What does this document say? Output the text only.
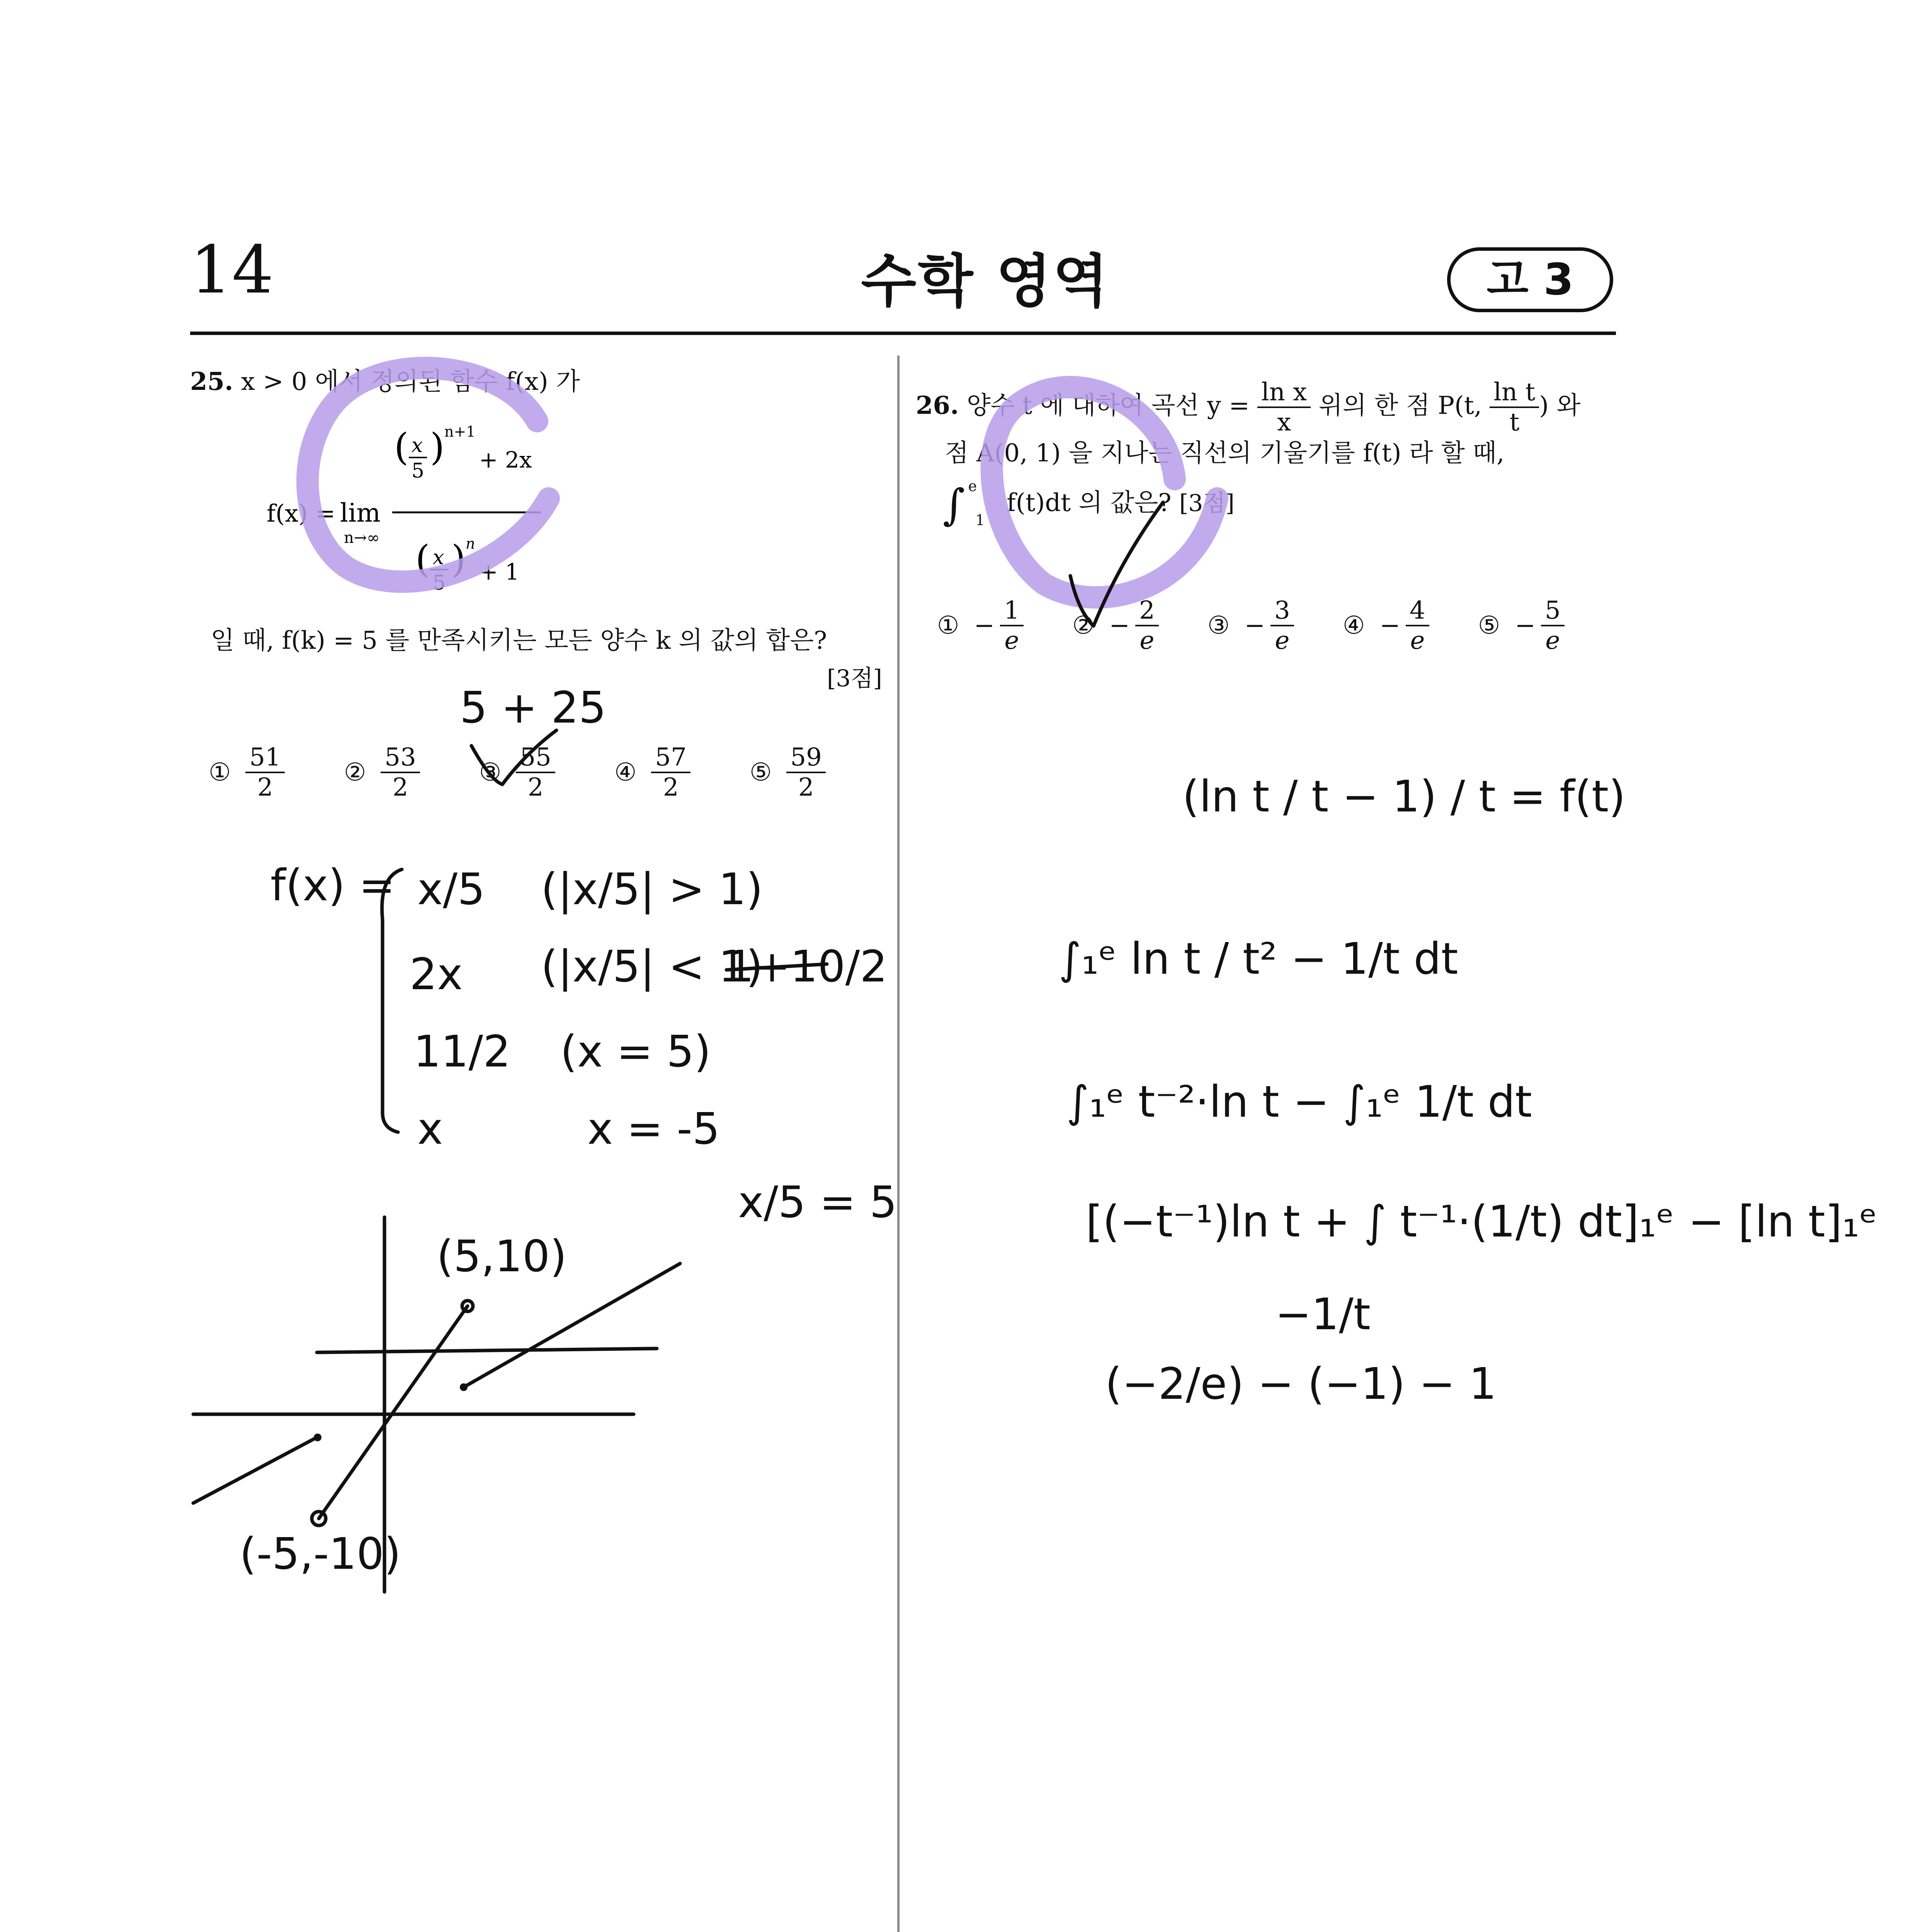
14	수학 영역	고 3
25. x > 0 에서 정의된 함수 f(x) 가
f(x) = lim
n→∞
( x
5
) n+1
+ 2x
( x
5
) n
+ 1
일 때, f(k) = 5 를 만족시키는 모든 양수 k 의 값의 합은?
[3점]
① $\frac{51}{2}$ ② $\frac{53}{2}$ ③ $\frac{55}{2}$ ④ $\frac{57}{2}$ ⑤ $\frac{59}{2}$
26. 양수 t 에 대하여 곡선 $y = \frac{\text{ln x}}{x}$ 위의 한 점 P(t, $\frac{\text{ln t}}{t}$ ) 와
점 A(0, 1) 을 지나는 직선의 기울기를 f(t) 라 할 때,
∫ $^e$ $_1$ f(t)dt 의 값은? [3점]
① − $\frac{1}{e}$ ② − $\frac{2}{e}$ ③ − $\frac{3}{e}$ ④ − $\frac{4}{e}$ ⑤ − $\frac{5}{e}$
5 + 25
f(x) = x/5 (|x/5| > 1)
2x (|x/5| < 1)
1+10/2
11/2 (x = 5)
x	x = -5
x/5 = 5
(5,10)
(-5,-10)
(ln t / t − 1) / t = f(t)
∫₁ᵉ ln t / t² − 1/t dt
∫₁ᵉ t⁻²·ln t − ∫₁ᵉ 1/t dt
[(−t⁻¹)ln t + ∫ t⁻¹·(1/t) dt]₁ᵉ − [ln t]₁ᵉ
−1/t
(−2/e) − (−1) − 1
